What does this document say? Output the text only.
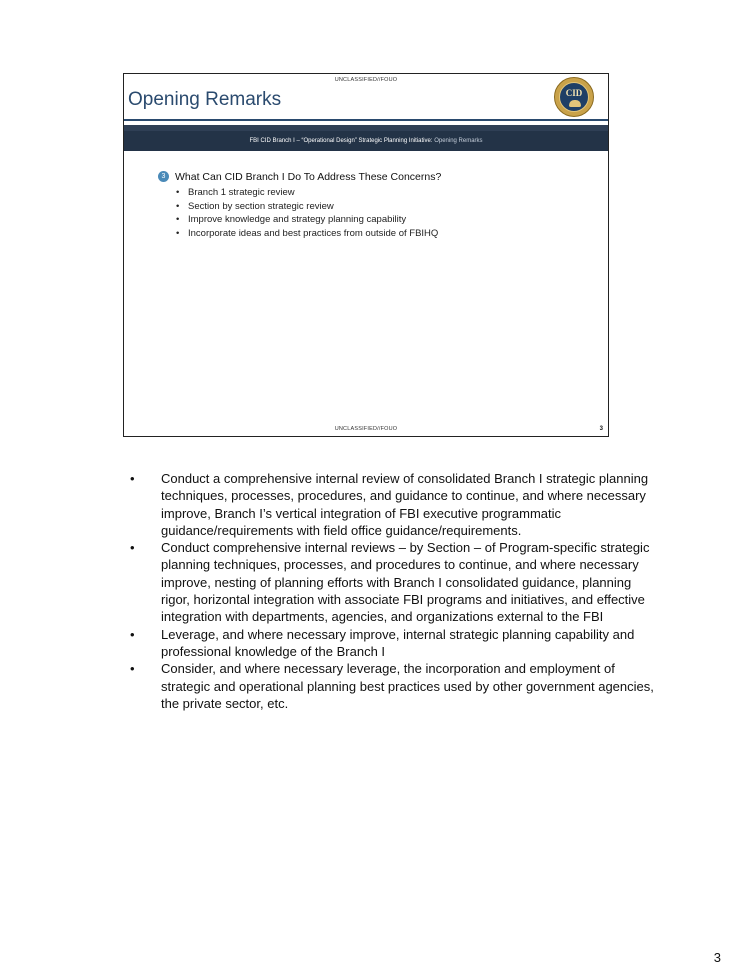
UNCLASSIFIED//FOUO
Opening Remarks	CID
FBI CID Branch I – “Operational Design” Strategic Planning Initiative: Opening Remarks
3 What Can CID Branch I Do To Address These Concerns?
• Branch 1 strategic review
• Section by section strategic review
• Improve knowledge and strategy planning capability
• Incorporate ideas and best practices from outside of FBIHQ
UNCLASSIFIED//FOUO	3
• Conduct a comprehensive internal review of consolidated Branch I strategic planning techniques, processes, procedures, and guidance to continue, and where necessary improve, Branch I’s vertical integration of FBI executive programmatic guidance/requirements with field office guidance/requirements.
• Conduct comprehensive internal reviews – by Section – of Program-specific strategic planning techniques, processes, and procedures to continue, and where necessary improve, nesting of planning efforts with Branch I consolidated guidance, planning rigor, horizontal integration with associate FBI programs and initiatives, and effective integration with departments, agencies, and organizations external to the FBI
• Leverage, and where necessary improve, internal strategic planning capability and professional knowledge of the Branch I
• Consider, and where necessary leverage, the incorporation and employment of strategic and operational planning best practices used by other government agencies, the private sector, etc.
3
